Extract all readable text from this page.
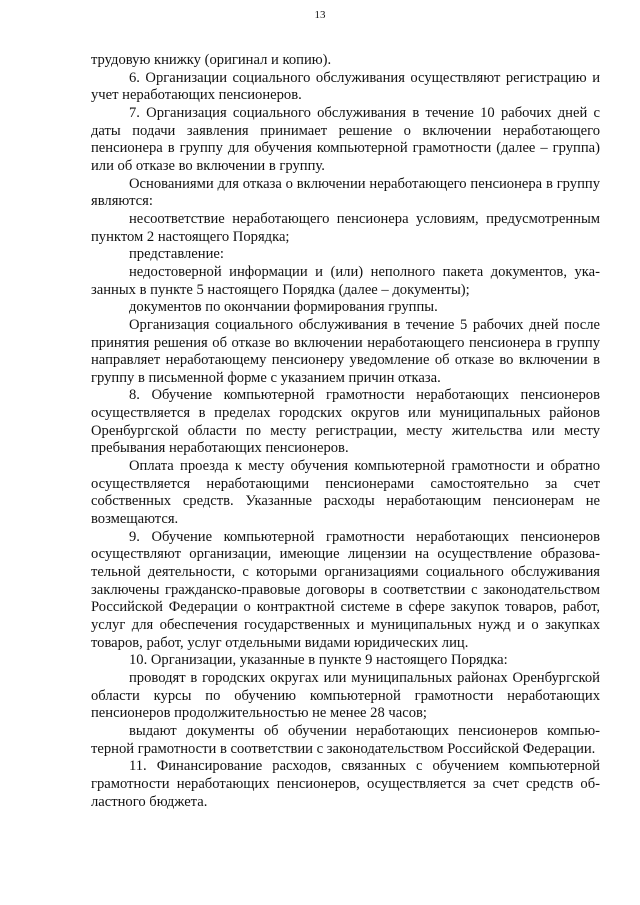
13

трудовую книжку (оригинал и копию).

6. Организации социального обслуживания осуществляют регистрацию и учет неработающих пенсионеров.

7. Организация социального обслуживания в течение 10 рабочих дней с даты подачи заявления принимает решение о включении неработающего пенсионера в группу для обучения компьютерной грамотности (далее – группа) или об отказе во включении в группу.

Основаниями для отказа о включении неработающего пенсионера в группу являются:

несоответствие неработающего пенсионера условиям, предусмотренным пунктом 2 настоящего Порядка;

представление:

недостоверной информации и (или) неполного пакета документов, указанных в пункте 5 настоящего Порядка (далее – документы);

документов по окончании формирования группы.

Организация социального обслуживания в течение 5 рабочих дней после принятия решения об отказе во включении неработающего пенсионера в группу направляет неработающему пенсионеру уведомление об отказе во включении в группу в письменной форме с указанием причин отказа.

8. Обучение компьютерной грамотности неработающих пенсионеров осуществляется в пределах городских округов или муниципальных районов Оренбургской области по месту регистрации, месту жительства или месту пребывания неработающих пенсионеров.

Оплата проезда к месту обучения компьютерной грамотности и обратно осуществляется неработающими пенсионерами самостоятельно за счет собственных средств. Указанные расходы неработающим пенсионерам не возмещаются.

9. Обучение компьютерной грамотности неработающих пенсионеров осуществляют организации, имеющие лицензии на осуществление образовательной деятельности, с которыми организациями социального обслуживания заключены гражданско-правовые договоры в соответствии с законодательством Российской Федерации о контрактной системе в сфере закупок товаров, работ, услуг для обеспечения государственных и муниципальных нужд и о закупках товаров, работ, услуг отдельными видами юридических лиц.

10. Организации, указанные в пункте 9 настоящего Порядка:

проводят в городских округах или муниципальных районах Оренбургской области курсы по обучению компьютерной грамотности неработающих пенсионеров продолжительностью не менее 28 часов;

выдают документы об обучении неработающих пенсионеров компьютерной грамотности в соответствии с законодательством Российской Федерации.

11. Финансирование расходов, связанных с обучением компьютерной грамотности неработающих пенсионеров, осуществляется за счет средств областного бюджета.
